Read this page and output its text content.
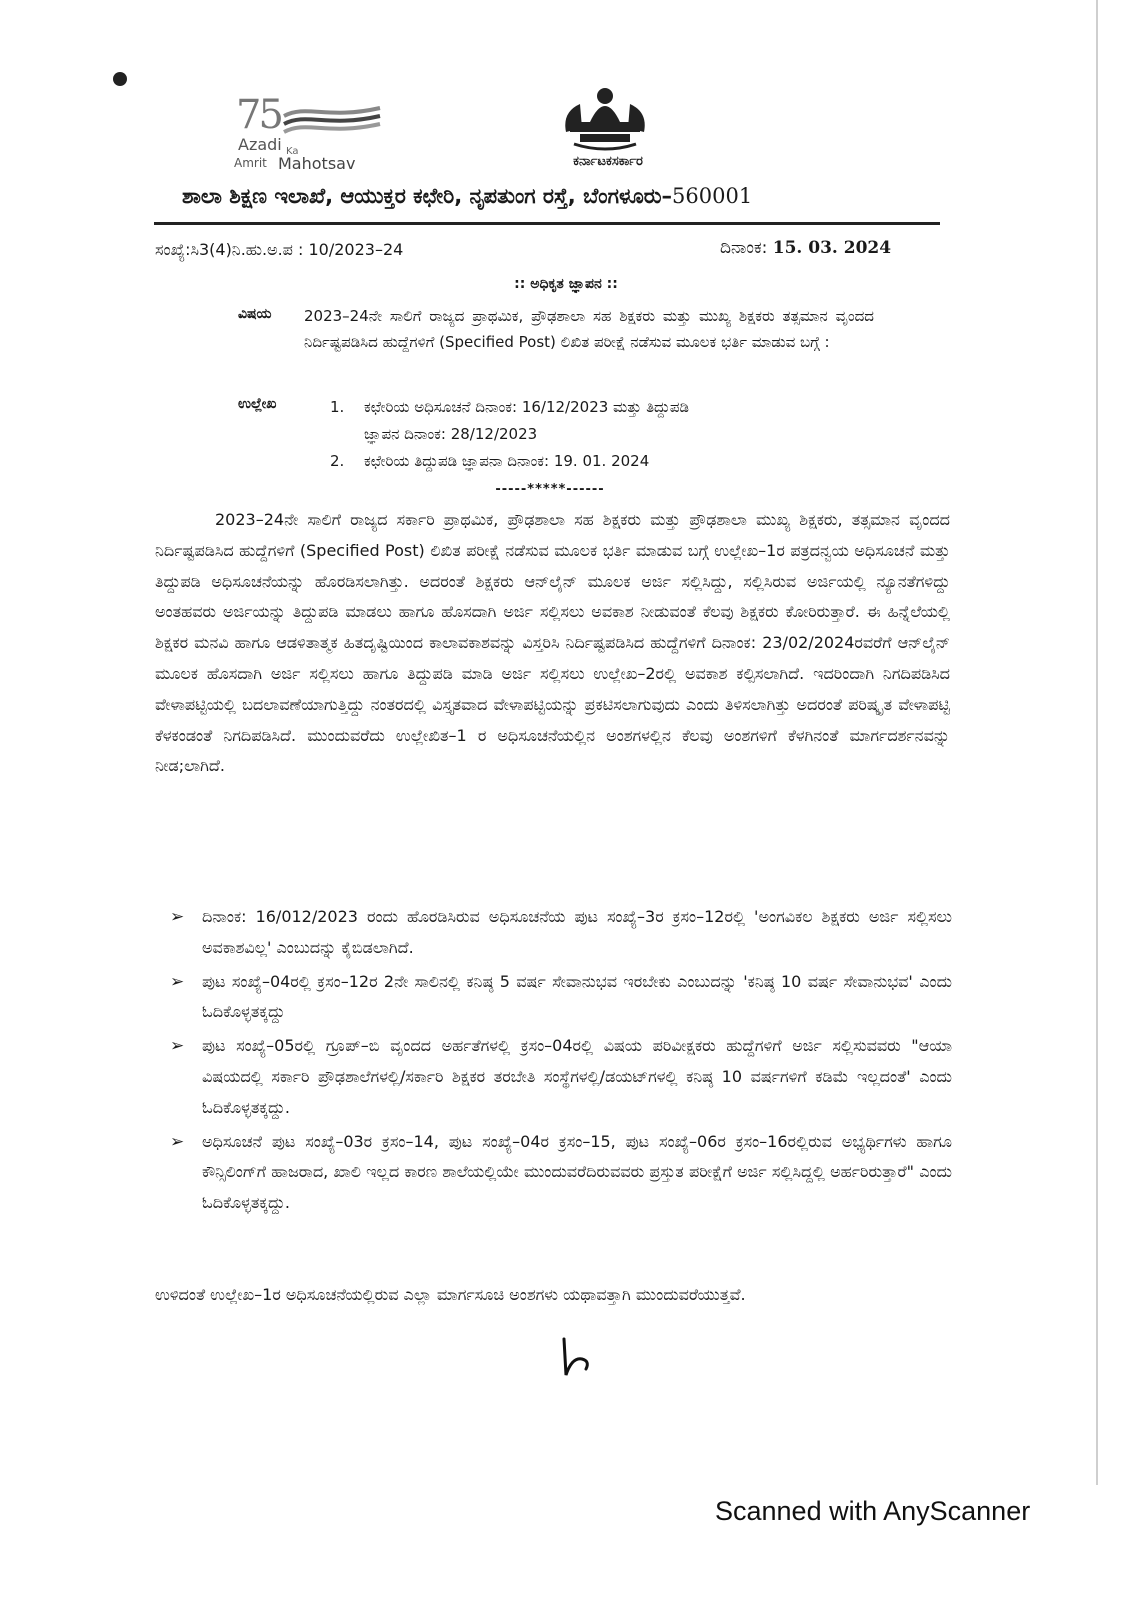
75
Azadi Ka
Amrit Mahotsav	ಕರ್ನಾಟಕಸರ್ಕಾರ
ಶಾಲಾ ಶಿಕ್ಷಣ ಇಲಾಖೆ, ಆಯುಕ್ತರ ಕಛೇರಿ, ನೃಪತುಂಗ ರಸ್ತೆ, ಬೆಂಗಳೂರು–560001
ಸಂಖ್ಯೆ:ಸಿ3(4)ನಿ.ಹು.ಅ.ಪ : 10/2023–24	ದಿನಾಂಕ: 15. 03. 2024
:: ಅಧಿಕೃತ ಜ್ಞಾಪನ ::
ವಿಷಯ 2023–24ನೇ ಸಾಲಿಗೆ ರಾಜ್ಯದ ಪ್ರಾಥಮಿಕ, ಪ್ರೌಢಶಾಲಾ ಸಹ ಶಿಕ್ಷಕರು ಮತ್ತು ಮುಖ್ಯ ಶಿಕ್ಷಕರು ತತ್ಸಮಾನ ವೃಂದದ ನಿರ್ದಿಷ್ಟಪಡಿಸಿದ ಹುದ್ದೆಗಳಿಗೆ (Specified Post) ಲಿಖಿತ ಪರೀಕ್ಷೆ ನಡೆಸುವ ಮೂಲಕ ಭರ್ತಿ ಮಾಡುವ ಬಗ್ಗೆ :
ಉಲ್ಲೇಖ	1. ಕಛೇರಿಯ ಅಧಿಸೂಚನೆ ದಿನಾಂಕ: 16/12/2023 ಮತ್ತು ತಿದ್ದುಪಡಿ
ಜ್ಞಾಪನ ದಿನಾಂಕ: 28/12/2023
2. ಕಛೇರಿಯ ತಿದ್ದುಪಡಿ ಜ್ಞಾಪನಾ ದಿನಾಂಕ: 19. 01. 2024
-----*****------
2023–24ನೇ ಸಾಲಿಗೆ ರಾಜ್ಯದ ಸರ್ಕಾರಿ ಪ್ರಾಥಮಿಕ, ಪ್ರೌಢಶಾಲಾ ಸಹ ಶಿಕ್ಷಕರು ಮತ್ತು ಪ್ರೌಢಶಾಲಾ ಮುಖ್ಯ ಶಿಕ್ಷಕರು, ತತ್ಸಮಾನ ವೃಂದದ ನಿರ್ದಿಷ್ಟಪಡಿಸಿದ ಹುದ್ದೆಗಳಿಗೆ (Specified Post) ಲಿಖಿತ ಪರೀಕ್ಷೆ ನಡೆಸುವ ಮೂಲಕ ಭರ್ತಿ ಮಾಡುವ ಬಗ್ಗೆ ಉಲ್ಲೇಖ–1ರ ಪತ್ರದನ್ವಯ ಅಧಿಸೂಚನೆ ಮತ್ತು ತಿದ್ದುಪಡಿ ಅಧಿಸೂಚನೆಯನ್ನು ಹೊರಡಿಸಲಾಗಿತ್ತು. ಅದರಂತೆ ಶಿಕ್ಷಕರು ಆನ್‌ಲೈನ್ ಮೂಲಕ ಅರ್ಜಿ ಸಲ್ಲಿಸಿದ್ದು, ಸಲ್ಲಿಸಿರುವ ಅರ್ಜಿಯಲ್ಲಿ ನ್ಯೂನತೆಗಳಿದ್ದು ಅಂತಹವರು ಅರ್ಜಿಯನ್ನು ತಿದ್ದುಪಡಿ ಮಾಡಲು ಹಾಗೂ ಹೊಸದಾಗಿ ಅರ್ಜಿ ಸಲ್ಲಿಸಲು ಅವಕಾಶ ನೀಡುವಂತೆ ಕೆಲವು ಶಿಕ್ಷಕರು ಕೋರಿರುತ್ತಾರೆ. ಈ ಹಿನ್ನೆಲೆಯಲ್ಲಿ ಶಿಕ್ಷಕರ ಮನವಿ ಹಾಗೂ ಆಡಳಿತಾತ್ಮಕ ಹಿತದೃಷ್ಟಿಯಿಂದ ಕಾಲಾವಕಾಶವನ್ನು ವಿಸ್ತರಿಸಿ ನಿರ್ದಿಷ್ಟಪಡಿಸಿದ ಹುದ್ದೆಗಳಿಗೆ ದಿನಾಂಕ: 23/02/2024ರವರೆಗೆ ಆನ್‌ಲೈನ್ ಮೂಲಕ ಹೊಸದಾಗಿ ಅರ್ಜಿ ಸಲ್ಲಿಸಲು ಹಾಗೂ ತಿದ್ದುಪಡಿ ಮಾಡಿ ಅರ್ಜಿ ಸಲ್ಲಿಸಲು ಉಲ್ಲೇಖ–2ರಲ್ಲಿ ಅವಕಾಶ ಕಲ್ಪಿಸಲಾಗಿದೆ. ಇದರಿಂದಾಗಿ ನಿಗದಿಪಡಿಸಿದ ವೇಳಾಪಟ್ಟಿಯಲ್ಲಿ ಬದಲಾವಣೆಯಾಗುತ್ತಿದ್ದು ನಂತರದಲ್ಲಿ ವಿಸ್ತೃತವಾದ ವೇಳಾಪಟ್ಟಿಯನ್ನು ಪ್ರಕಟಿಸಲಾಗುವುದು ಎಂದು ತಿಳಿಸಲಾಗಿತ್ತು ಅದರಂತೆ ಪರಿಷ್ಕೃತ ವೇಳಾಪಟ್ಟಿ ಕೆಳಕಂಡಂತೆ ನಿಗದಿಪಡಿಸಿದೆ. ಮುಂದುವರೆದು ಉಲ್ಲೇಖಿತ–1 ರ ಅಧಿಸೂಚನೆಯಲ್ಲಿನ ಅಂಶಗಳಲ್ಲಿನ ಕೆಲವು ಅಂಶಗಳಿಗೆ ಕೆಳಗಿನಂತೆ ಮಾರ್ಗದರ್ಶನವನ್ನು ನೀಡ;ಲಾಗಿದೆ.
➢ ದಿನಾಂಕ: 16/012/2023 ರಂದು ಹೊರಡಿಸಿರುವ ಅಧಿಸೂಚನೆಯ ಪುಟ ಸಂಖ್ಯೆ–3ರ ಕ್ರಸಂ–12ರಲ್ಲಿ 'ಅಂಗವಿಕಲ ಶಿಕ್ಷಕರು ಅರ್ಜಿ ಸಲ್ಲಿಸಲು ಅವಕಾಶವಿಲ್ಲ' ಎಂಬುದನ್ನು ಕೈಬಿಡಲಾಗಿದೆ.
➢ ಪುಟ ಸಂಖ್ಯೆ–04ರಲ್ಲಿ ಕ್ರಸಂ–12ರ 2ನೇ ಸಾಲಿನಲ್ಲಿ ಕನಿಷ್ಠ 5 ವರ್ಷ ಸೇವಾನುಭವ ಇರಬೇಕು ಎಂಬುದನ್ನು 'ಕನಿಷ್ಠ 10 ವರ್ಷ ಸೇವಾನುಭವ' ಎಂದು ಓದಿಕೊಳ್ಳತಕ್ಕದ್ದು
➢ ಪುಟ ಸಂಖ್ಯೆ–05ರಲ್ಲಿ ಗ್ರೂಪ್–ಬಿ ವೃಂದದ ಅರ್ಹತೆಗಳಲ್ಲಿ ಕ್ರಸಂ–04ರಲ್ಲಿ ವಿಷಯ ಪರಿವೀಕ್ಷಕರು ಹುದ್ದೆಗಳಿಗೆ ಅರ್ಜಿ ಸಲ್ಲಿಸುವವರು "ಆಯಾ ವಿಷಯದಲ್ಲಿ ಸರ್ಕಾರಿ ಪ್ರೌಢಶಾಲೆಗಳಲ್ಲಿ/ಸರ್ಕಾರಿ ಶಿಕ್ಷಕರ ತರಬೇತಿ ಸಂಸ್ಥೆಗಳಲ್ಲಿ/ಡಯಟ್‌ಗಳಲ್ಲಿ ಕನಿಷ್ಠ 10 ವರ್ಷಗಳಿಗೆ ಕಡಿಮೆ ಇಲ್ಲದಂತೆ' ಎಂದು ಓದಿಕೊಳ್ಳತಕ್ಕದ್ದು.
➢ ಅಧಿಸೂಚನೆ ಪುಟ ಸಂಖ್ಯೆ–03ರ ಕ್ರಸಂ–14, ಪುಟ ಸಂಖ್ಯೆ–04ರ ಕ್ರಸಂ–15, ಪುಟ ಸಂಖ್ಯೆ–06ರ ಕ್ರಸಂ–16ರಲ್ಲಿರುವ ಅಭ್ಯರ್ಥಿಗಳು ಹಾಗೂ ಕೌನ್ಸಿಲಿಂಗ್‌ಗೆ ಹಾಜರಾದ, ಖಾಲಿ ಇಲ್ಲದ ಕಾರಣ ಶಾಲೆಯಲ್ಲಿಯೇ ಮುಂದುವರೆದಿರುವವರು ಪ್ರಸ್ತುತ ಪರೀಕ್ಷೆಗೆ ಅರ್ಜಿ ಸಲ್ಲಿಸಿದ್ದಲ್ಲಿ ಅರ್ಹರಿರುತ್ತಾರೆ" ಎಂದು ಓದಿಕೊಳ್ಳತಕ್ಕದ್ದು.
ಉಳಿದಂತೆ ಉಲ್ಲೇಖ–1ರ ಅಧಿಸೂಚನೆಯಲ್ಲಿರುವ ಎಲ್ಲಾ ಮಾರ್ಗಸೂಚಿ ಅಂಶಗಳು ಯಥಾವತ್ತಾಗಿ ಮುಂದುವರೆಯುತ್ತವೆ.
Scanned with AnyScanner
